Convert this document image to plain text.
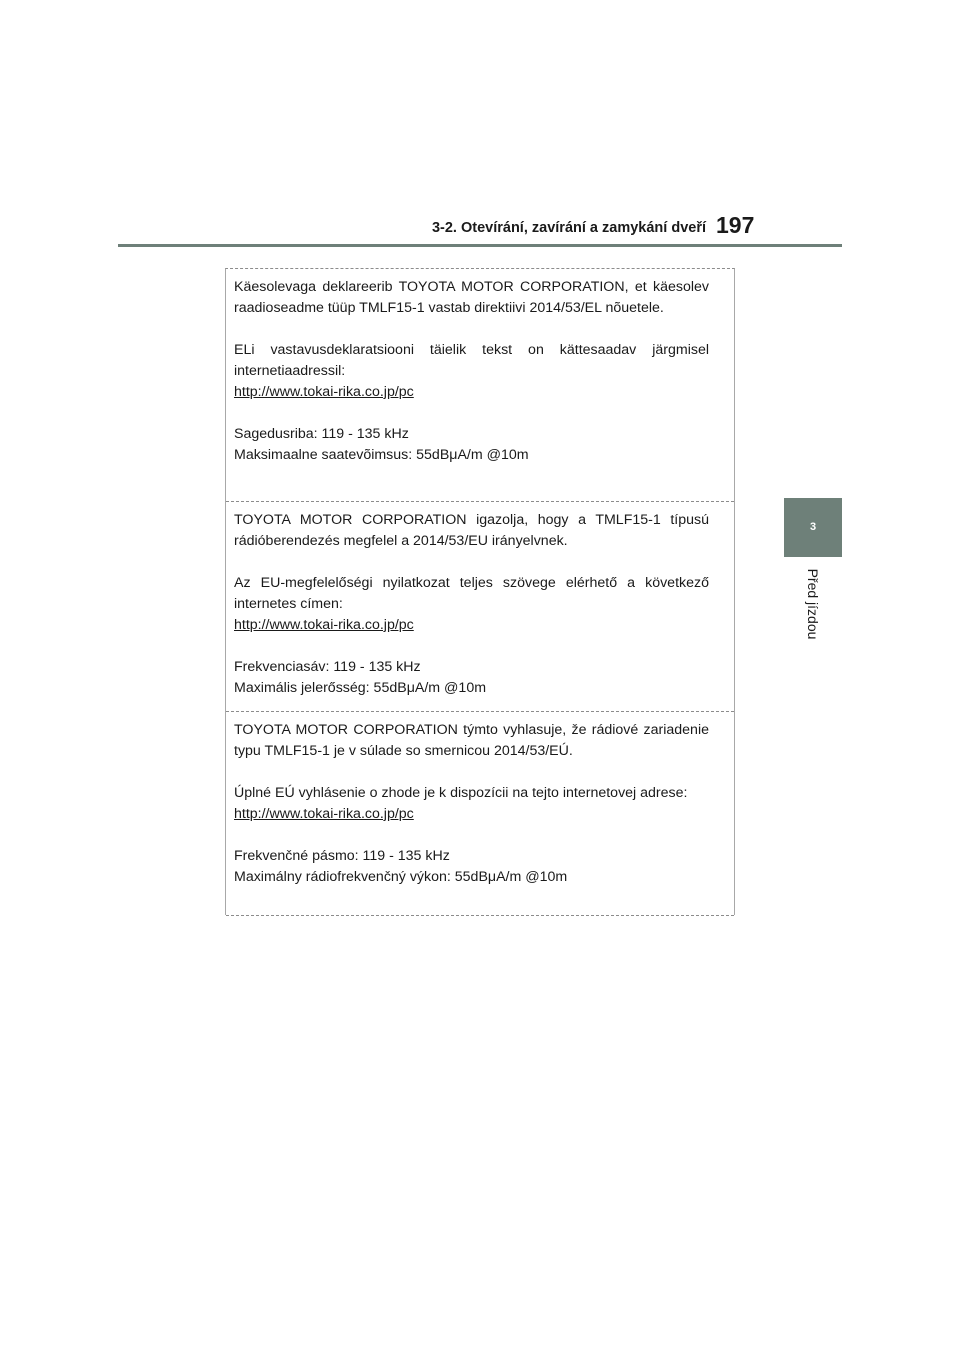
3-2. Otevírání, zavírání a zamykání dveří 197
3
Před jízdou

Käesolevaga deklareerib TOYOTA MOTOR CORPORATION, et käesolev raadioseadme tüüp TMLF15-1 vastab direktiivi 2014/53/EL nõuetele.

ELi vastavusdeklaratsiooni täielik tekst on kättesaadav järgmisel internetiaadressil:
http://www.tokai-rika.co.jp/pc

Sagedusriba: 119 - 135 kHz
Maksimaalne saatevõimsus: 55dBμA/m @10m

TOYOTA MOTOR CORPORATION igazolja, hogy a TMLF15-1 típusú rádióberendezés megfelel a 2014/53/EU irányelvnek.

Az EU-megfelelőségi nyilatkozat teljes szövege elérhető a következő internetes címen:
http://www.tokai-rika.co.jp/pc

Frekvenciasáv: 119 - 135 kHz
Maximális jelerősség: 55dBμA/m @10m

TOYOTA MOTOR CORPORATION týmto vyhlasuje, že rádiové zariadenie typu TMLF15-1 je v súlade so smernicou 2014/53/EÚ.

Úplné EÚ vyhlásenie o zhode je k dispozícii na tejto internetovej adrese:
http://www.tokai-rika.co.jp/pc

Frekvenčné pásmo: 119 - 135 kHz
Maximálny rádiofrekvenčný výkon: 55dBμA/m @10m
